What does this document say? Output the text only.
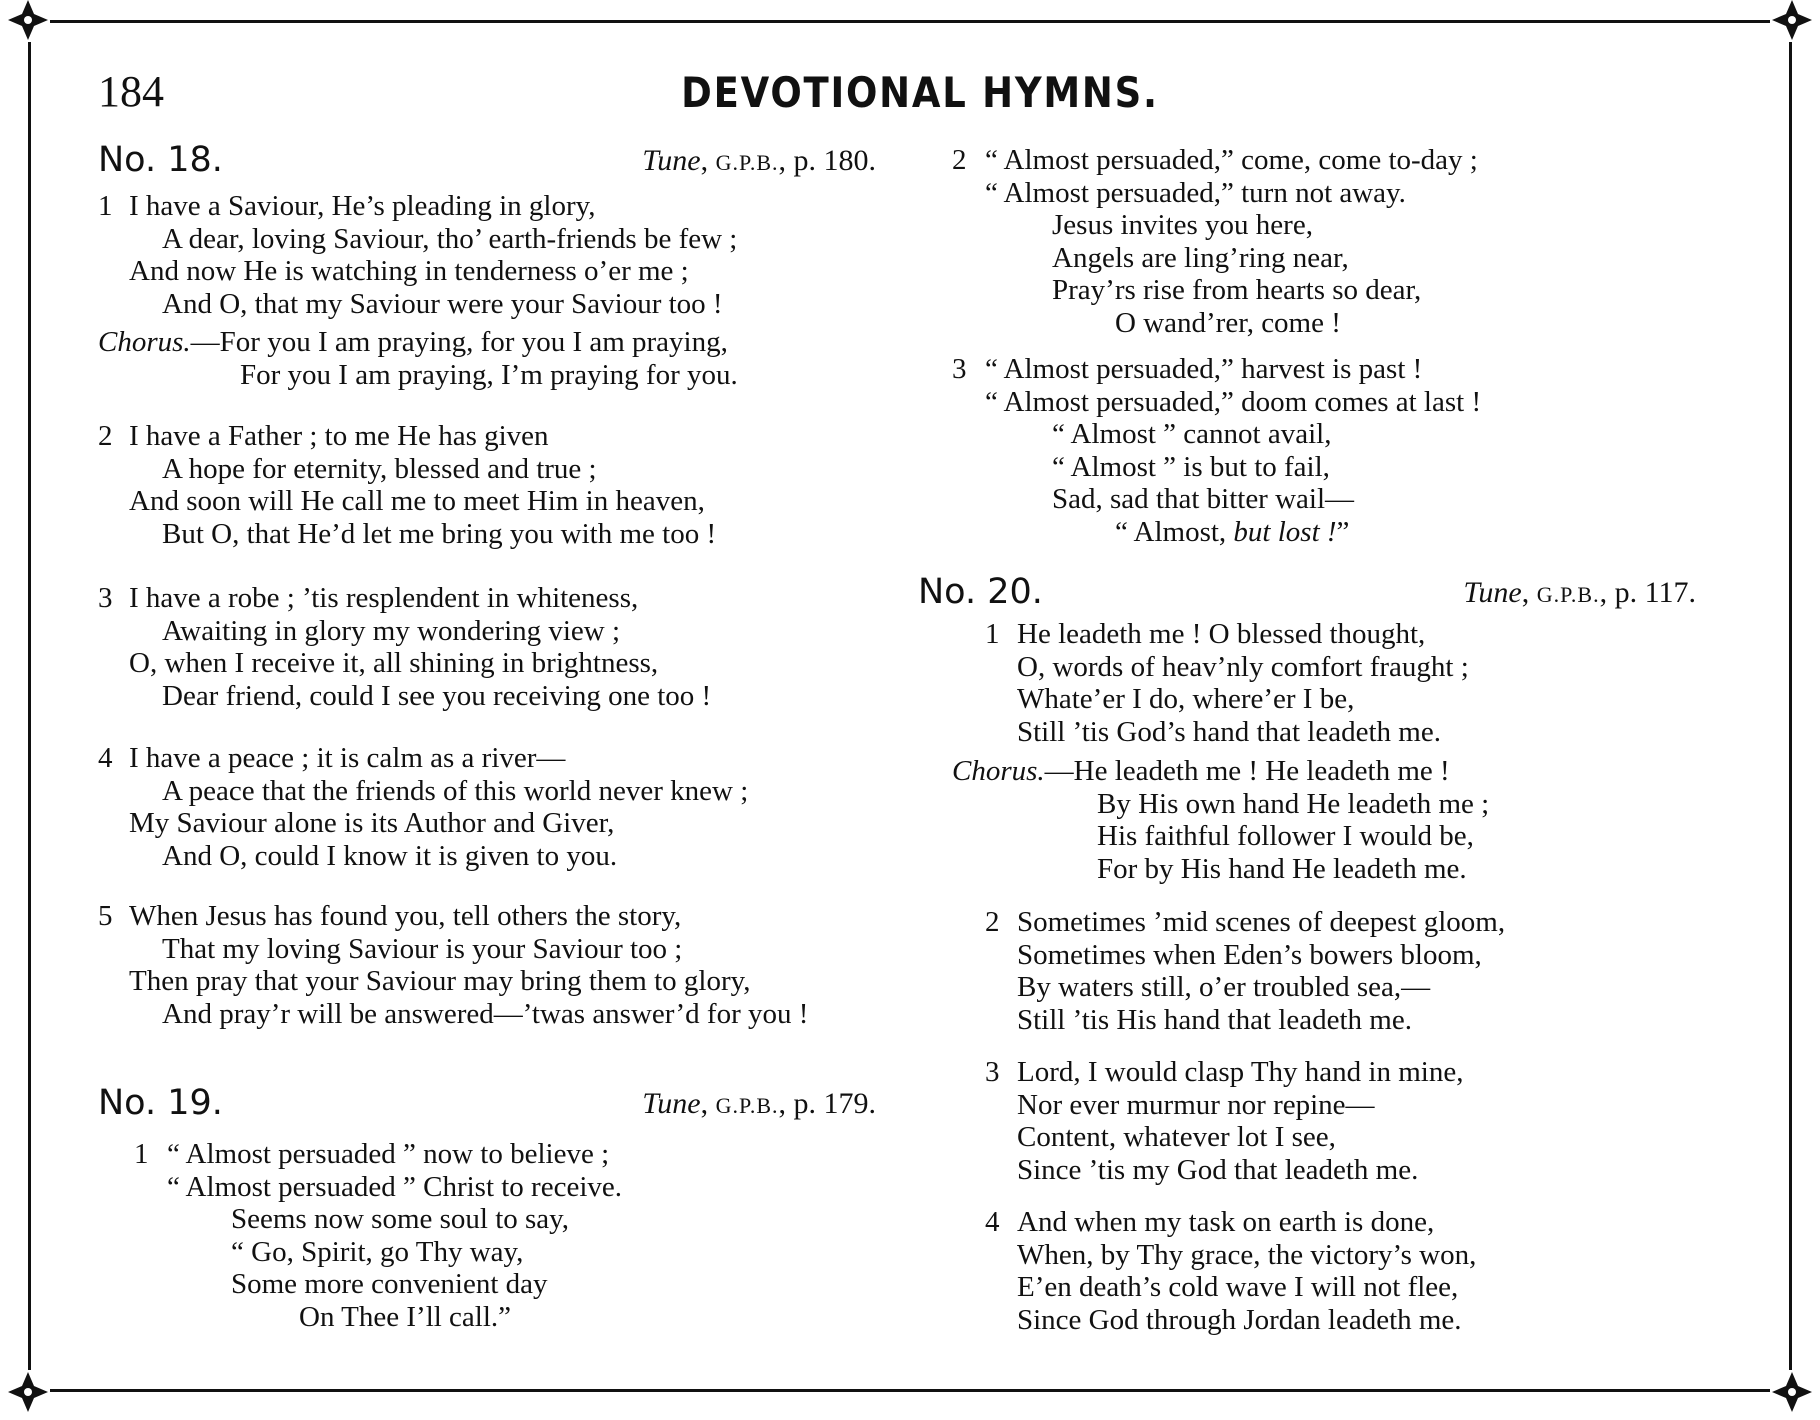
184	DEVOTIONAL HYMNS.
No. 18.	Tune, G.P.B., p. 180.
1 I have a Saviour, He’s pleading in glory,
A dear, loving Saviour, tho’ earth-friends be few ;
And now He is watching in tenderness o’er me ;
And O, that my Saviour were your Saviour too !
Chorus.—For you I am praying, for you I am praying,
For you I am praying, I’m praying for you.
2 I have a Father ; to me He has given
A hope for eternity, blessed and true ;
And soon will He call me to meet Him in heaven,
But O, that He’d let me bring you with me too !
3 I have a robe ; ’tis resplendent in whiteness,
Awaiting in glory my wondering view ;
O, when I receive it, all shining in brightness,
Dear friend, could I see you receiving one too !
4 I have a peace ; it is calm as a river—
A peace that the friends of this world never knew ;
My Saviour alone is its Author and Giver,
And O, could I know it is given to you.
5 When Jesus has found you, tell others the story,
That my loving Saviour is your Saviour too ;
Then pray that your Saviour may bring them to glory,
And pray’r will be answered—’twas answer’d for you !
No. 19.	Tune, G.P.B., p. 179.
1 “ Almost persuaded ” now to believe ;
“ Almost persuaded ” Christ to receive.
Seems now some soul to say,
“ Go, Spirit, go Thy way,
Some more convenient day
On Thee I’ll call.”
2 “ Almost persuaded,” come, come to-day ;
“ Almost persuaded,” turn not away.
Jesus invites you here,
Angels are ling’ring near,
Pray’rs rise from hearts so dear,
O wand’rer, come !
3 “ Almost persuaded,” harvest is past !
“ Almost persuaded,” doom comes at last !
“ Almost ” cannot avail,
“ Almost ” is but to fail,
Sad, sad that bitter wail—
“ Almost, but lost !”
No. 20.	Tune, G.P.B., p. 117.
1 He leadeth me ! O blessed thought,
O, words of heav’nly comfort fraught ;
Whate’er I do, where’er I be,
Still ’tis God’s hand that leadeth me.
Chorus.—He leadeth me ! He leadeth me !
By His own hand He leadeth me ;
His faithful follower I would be,
For by His hand He leadeth me.
2 Sometimes ’mid scenes of deepest gloom,
Sometimes when Eden’s bowers bloom,
By waters still, o’er troubled sea,—
Still ’tis His hand that leadeth me.
3 Lord, I would clasp Thy hand in mine,
Nor ever murmur nor repine—
Content, whatever lot I see,
Since ’tis my God that leadeth me.
4 And when my task on earth is done,
When, by Thy grace, the victory’s won,
E’en death’s cold wave I will not flee,
Since God through Jordan leadeth me.
